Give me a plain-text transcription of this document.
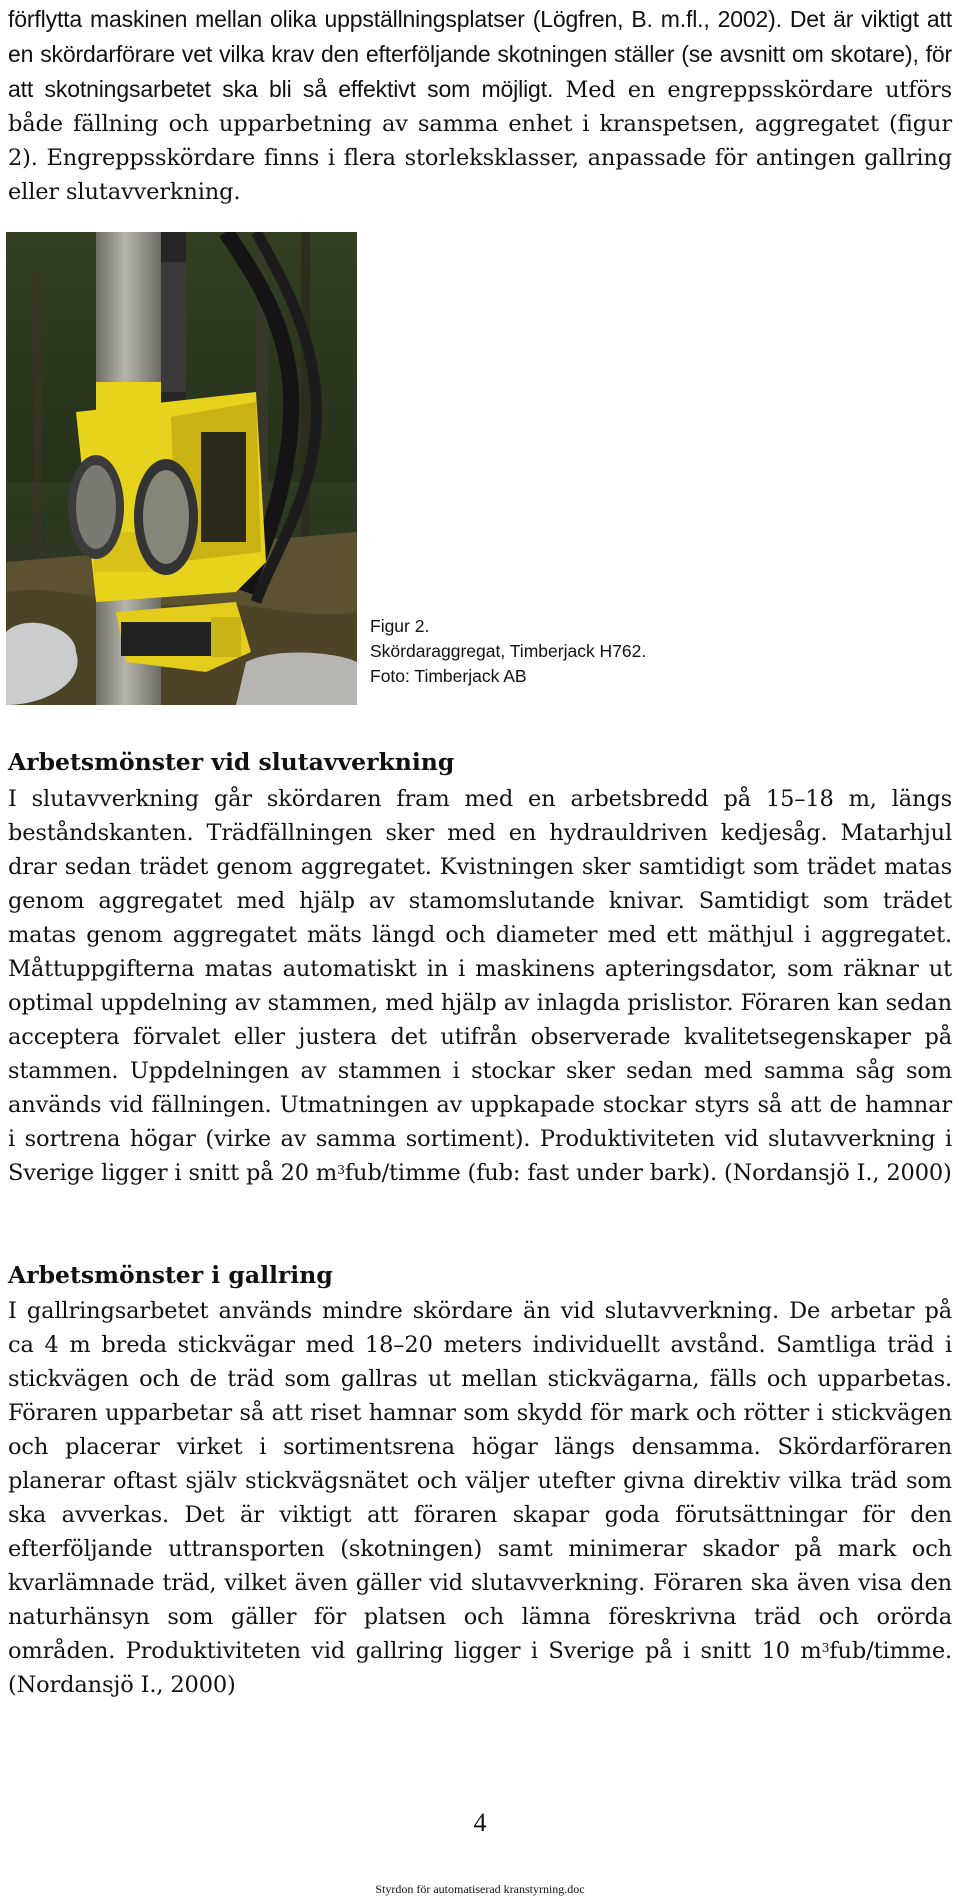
förflytta maskinen mellan olika uppställningsplatser (Lögfren, B. m.fl., 2002). Det är viktigt att en skördarförare vet vilka krav den efterföljande skotningen ställer (se avsnitt om skotare), för att skotningsarbetet ska bli så effektivt som möjligt. Med en engreppsskördare utförs både fällning och upparbetning av samma enhet i kranspetsen, aggregatet (figur 2). Engreppsskördare finns i flera storleksklasser, anpassade för antingen gallring eller slutavverkning.

Figur 2.
Skördaraggregat, Timberjack H762.
Foto: Timberjack AB

Arbetsmönster vid slutavverkning

I slutavverkning går skördaren fram med en arbetsbredd på 15–18 m, längs beståndskanten. Trädfällningen sker med en hydrauldriven kedjesåg. Matarhjul drar sedan trädet genom aggregatet. Kvistningen sker samtidigt som trädet matas genom aggregatet med hjälp av stamomslutande knivar. Samtidigt som trädet matas genom aggregatet mäts längd och diameter med ett mäthjul i aggregatet. Måttuppgifterna matas automatiskt in i maskinens apteringsdator, som räknar ut optimal uppdelning av stammen, med hjälp av inlagda prislistor. Föraren kan sedan acceptera förvalet eller justera det utifrån observerade kvalitetsegenskaper på stammen. Uppdelningen av stammen i stockar sker sedan med samma såg som används vid fällningen. Utmatningen av uppkapade stockar styrs så att de hamnar i sortrena högar (virke av samma sortiment). Produktiviteten vid slutavverkning i Sverige ligger i snitt på 20 $m^3fub$/timme (fub: fast under bark). (Nordansjö I., 2000)

Arbetsmönster i gallring

I gallringsarbetet används mindre skördare än vid slutavverkning. De arbetar på ca 4 m breda stickvägar med 18–20 meters individuellt avstånd. Samtliga träd i stickvägen och de träd som gallras ut mellan stickvägarna, fälls och upparbetas. Föraren upparbetar så att riset hamnar som skydd för mark och rötter i stickvägen och placerar virket i sortimentsrena högar längs densamma. Skördarföraren planerar oftast själv stickvägsnätet och väljer utefter givna direktiv vilka träd som ska avverkas. Det är viktigt att föraren skapar goda förutsättningar för den efterföljande uttransporten (skotningen) samt minimerar skador på mark och kvarlämnade träd, vilket även gäller vid slutavverkning. Föraren ska även visa den naturhänsyn som gäller för platsen och lämna föreskrivna träd och orörda områden. Produktiviteten vid gallring ligger i Sverige på i snitt 10 $m^3fub$/timme. (Nordansjö I., 2000)

4
Styrdon för automatiserad kranstyrning.doc
